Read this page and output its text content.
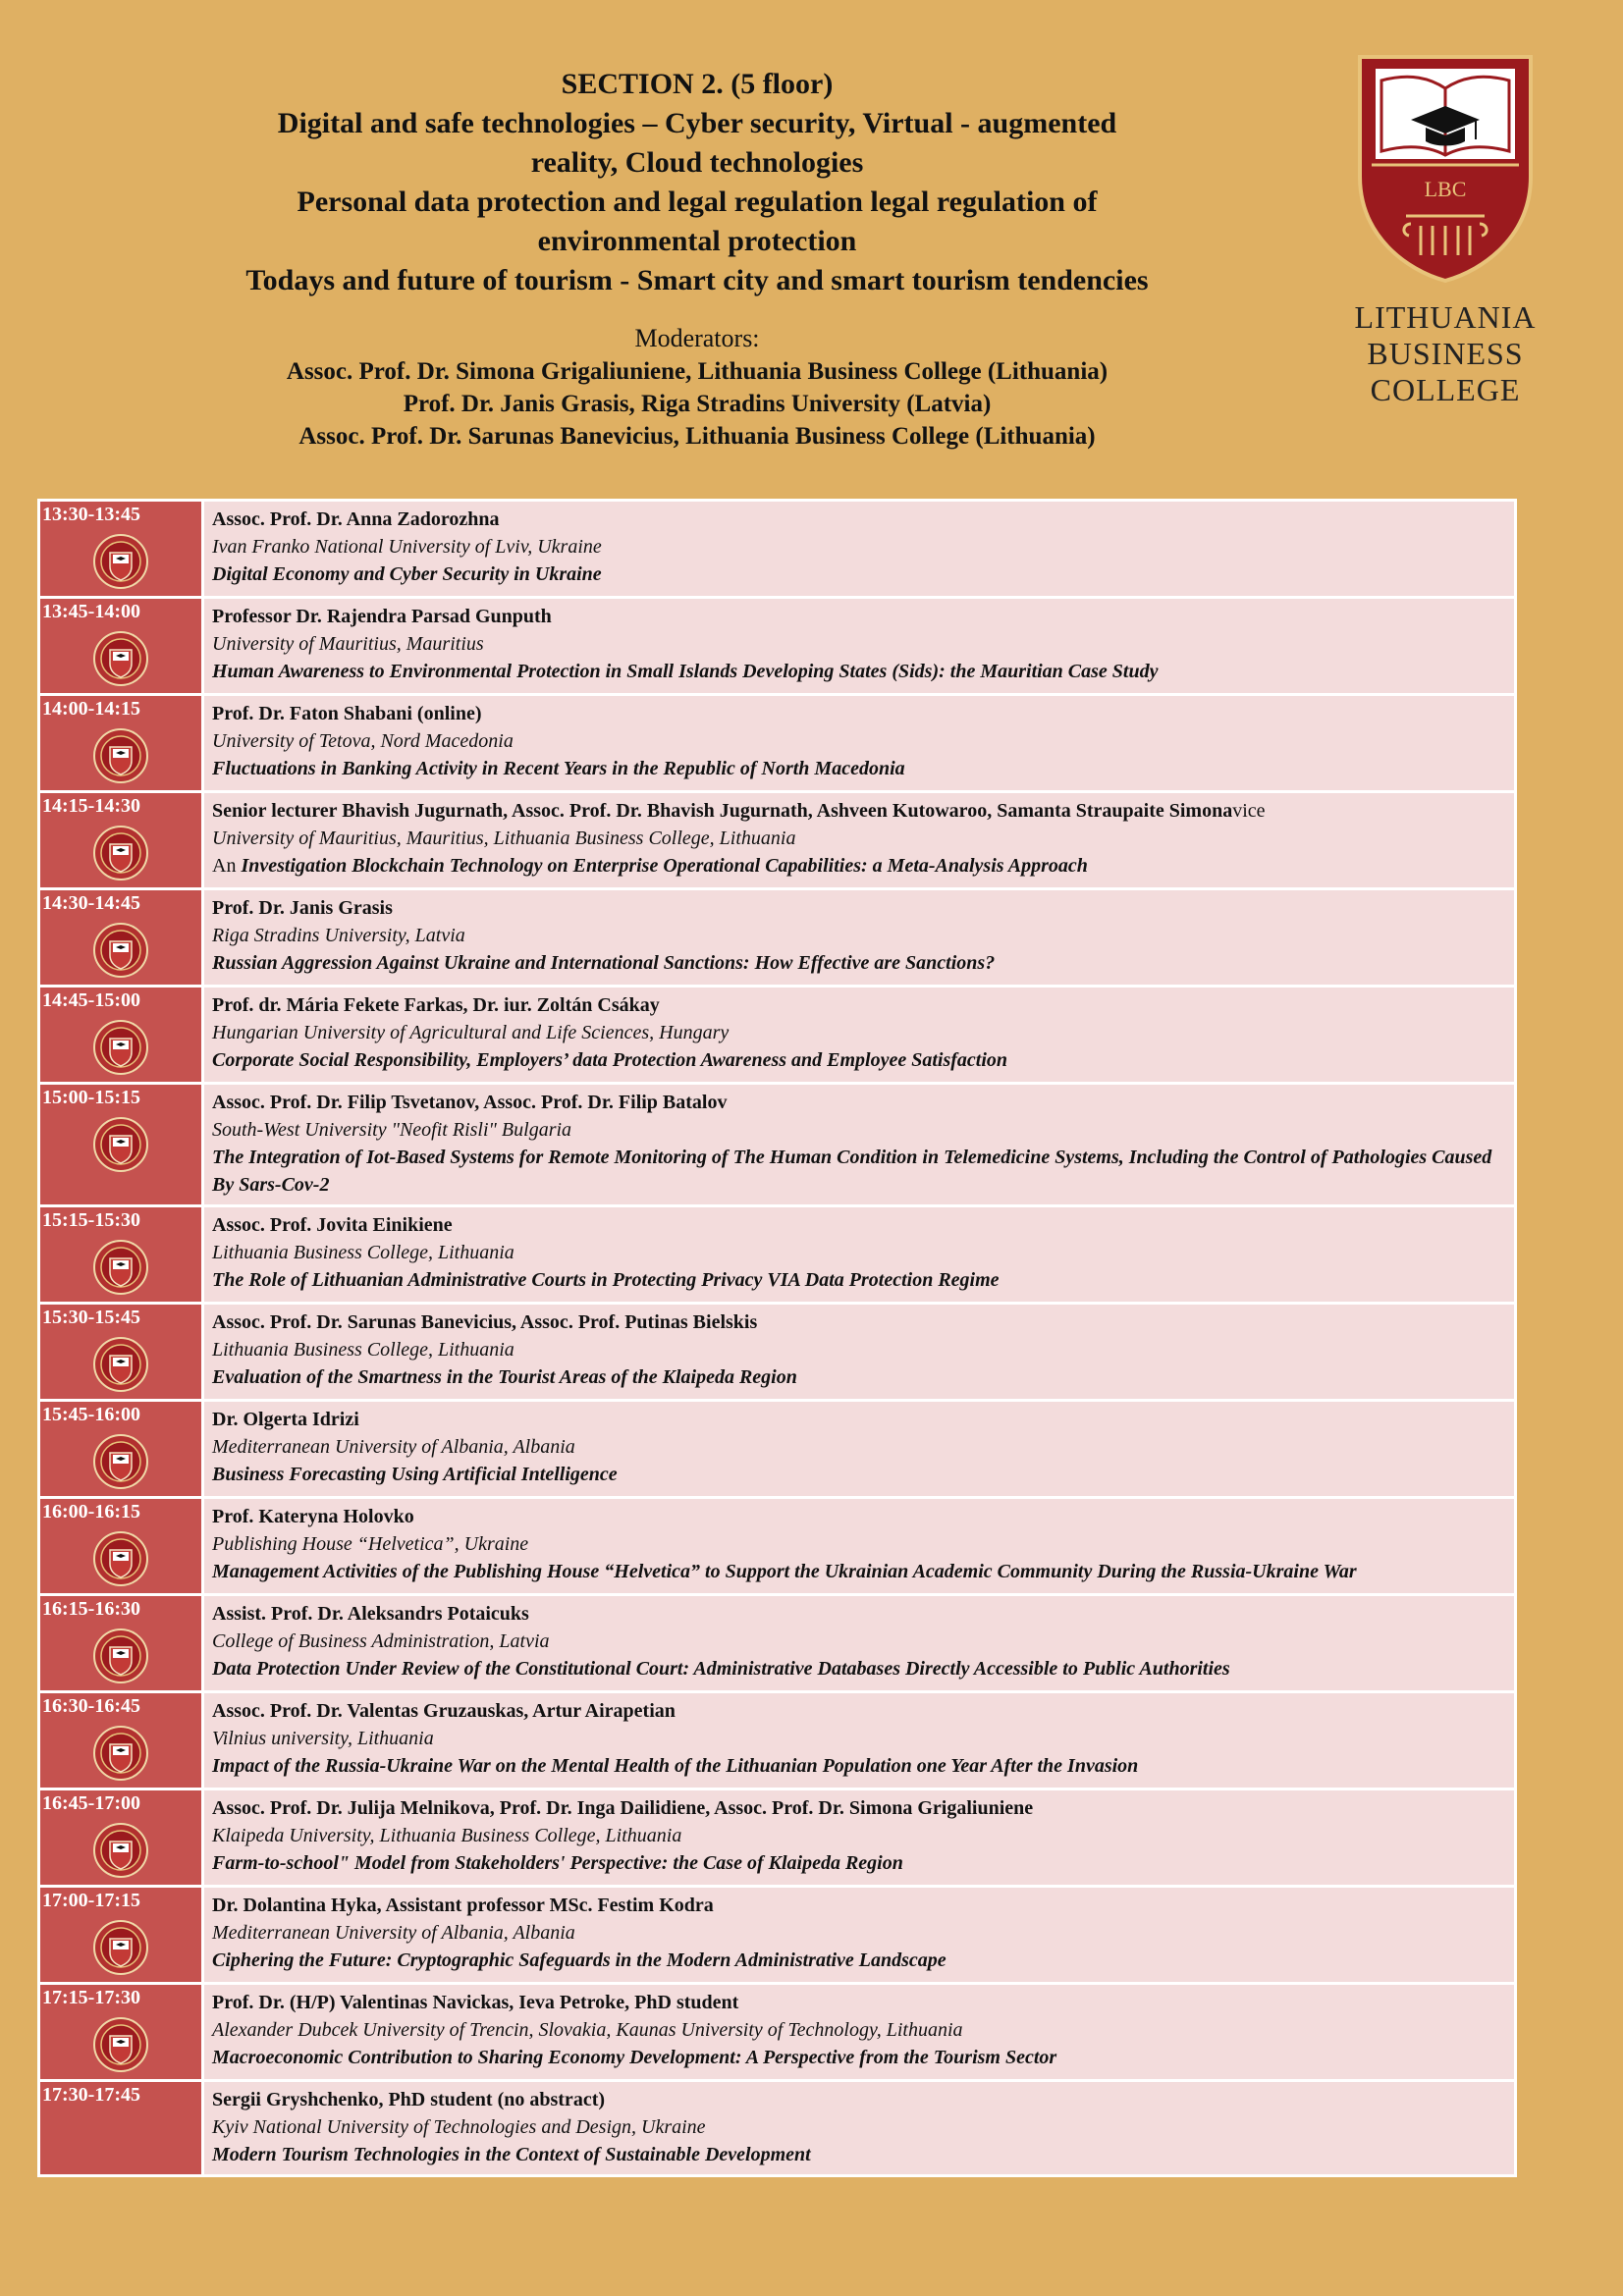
SECTION 2. (5 floor)
Digital and safe technologies – Cyber security, Virtual - augmented
reality, Cloud technologies
Personal data protection and legal regulation legal regulation of
environmental protection
Todays and future of tourism - Smart city and smart tourism tendencies
Moderators:
Assoc. Prof. Dr. Simona Grigaliuniene, Lithuania Business College (Lithuania)
Prof. Dr. Janis Grasis, Riga Stradins University (Latvia)
Assoc. Prof. Dr. Sarunas Banevicius, Lithuania Business College (Lithuania)
LBC
LITHUANIA
BUSINESS
COLLEGE
13:30-13:45	Assoc. Prof. Dr. Anna Zadorozhna
Ivan Franko National University of Lviv, Ukraine
Digital Economy and Cyber Security in Ukraine

13:45-14:00	Professor Dr. Rajendra Parsad Gunputh
University of Mauritius, Mauritius
Human Awareness to Environmental Protection in Small Islands Developing States (Sids): the Mauritian Case Study

14:00-14:15	Prof. Dr. Faton Shabani (online)
University of Tetova, Nord Macedonia
Fluctuations in Banking Activity in Recent Years in the Republic of North Macedonia

14:15-14:30	Senior lecturer Bhavish Jugurnath, Assoc. Prof. Dr. Bhavish Jugurnath, Ashveen Kutowaroo, Samanta Straupaite Simonavice
University of Mauritius, Mauritius, Lithuania Business College, Lithuania
An Investigation Blockchain Technology on Enterprise Operational Capabilities: a Meta-Analysis Approach

14:30-14:45	Prof. Dr. Janis Grasis
Riga Stradins University, Latvia
Russian Aggression Against Ukraine and International Sanctions: How Effective are Sanctions?

14:45-15:00	Prof. dr. Mária Fekete Farkas, Dr. iur. Zoltán Csákay
Hungarian University of Agricultural and Life Sciences, Hungary
Corporate Social Responsibility, Employers’ data Protection Awareness and Employee Satisfaction

15:00-15:15	Assoc. Prof. Dr. Filip Tsvetanov, Assoc. Prof. Dr. Filip Batalov
South-West University "Neofit Risli" Bulgaria
The Integration of Iot-Based Systems for Remote Monitoring of The Human Condition in Telemedicine Systems, Including the Control of Pathologies Caused By Sars-Cov-2

15:15-15:30	Assoc. Prof. Jovita Einikiene
Lithuania Business College, Lithuania
The Role of Lithuanian Administrative Courts in Protecting Privacy VIA Data Protection Regime

15:30-15:45	Assoc. Prof. Dr. Sarunas Banevicius, Assoc. Prof. Putinas Bielskis
Lithuania Business College, Lithuania
Evaluation of the Smartness in the Tourist Areas of the Klaipeda Region

15:45-16:00	Dr. Olgerta Idrizi
Mediterranean University of Albania, Albania
Business Forecasting Using Artificial Intelligence

16:00-16:15	Prof. Kateryna Holovko
Publishing House “Helvetica”, Ukraine
Management Activities of the Publishing House “Helvetica” to Support the Ukrainian Academic Community During the Russia-Ukraine War

16:15-16:30	Assist. Prof. Dr. Aleksandrs Potaicuks
College of Business Administration, Latvia
Data Protection Under Review of the Constitutional Court: Administrative Databases Directly Accessible to Public Authorities

16:30-16:45	Assoc. Prof. Dr. Valentas Gruzauskas, Artur Airapetian
Vilnius university, Lithuania
Impact of the Russia-Ukraine War on the Mental Health of the Lithuanian Population one Year After the Invasion

16:45-17:00	Assoc. Prof. Dr. Julija Melnikova, Prof. Dr. Inga Dailidiene, Assoc. Prof. Dr. Simona Grigaliuniene
Klaipeda University, Lithuania Business College, Lithuania
Farm-to-school" Model from Stakeholders' Perspective: the Case of Klaipeda Region

17:00-17:15	Dr. Dolantina Hyka, Assistant professor MSc. Festim Kodra
Mediterranean University of Albania, Albania
Ciphering the Future: Cryptographic Safeguards in the Modern Administrative Landscape

17:15-17:30	Prof. Dr. (H/P) Valentinas Navickas, Ieva Petroke, PhD student
Alexander Dubcek University of Trencin, Slovakia, Kaunas University of Technology, Lithuania
Macroeconomic Contribution to Sharing Economy Development: A Perspective from the Tourism Sector

17:30-17:45	Sergii Gryshchenko, PhD student (no abstract)
Kyiv National University of Technologies and Design, Ukraine
Modern Tourism Technologies in the Context of Sustainable Development
